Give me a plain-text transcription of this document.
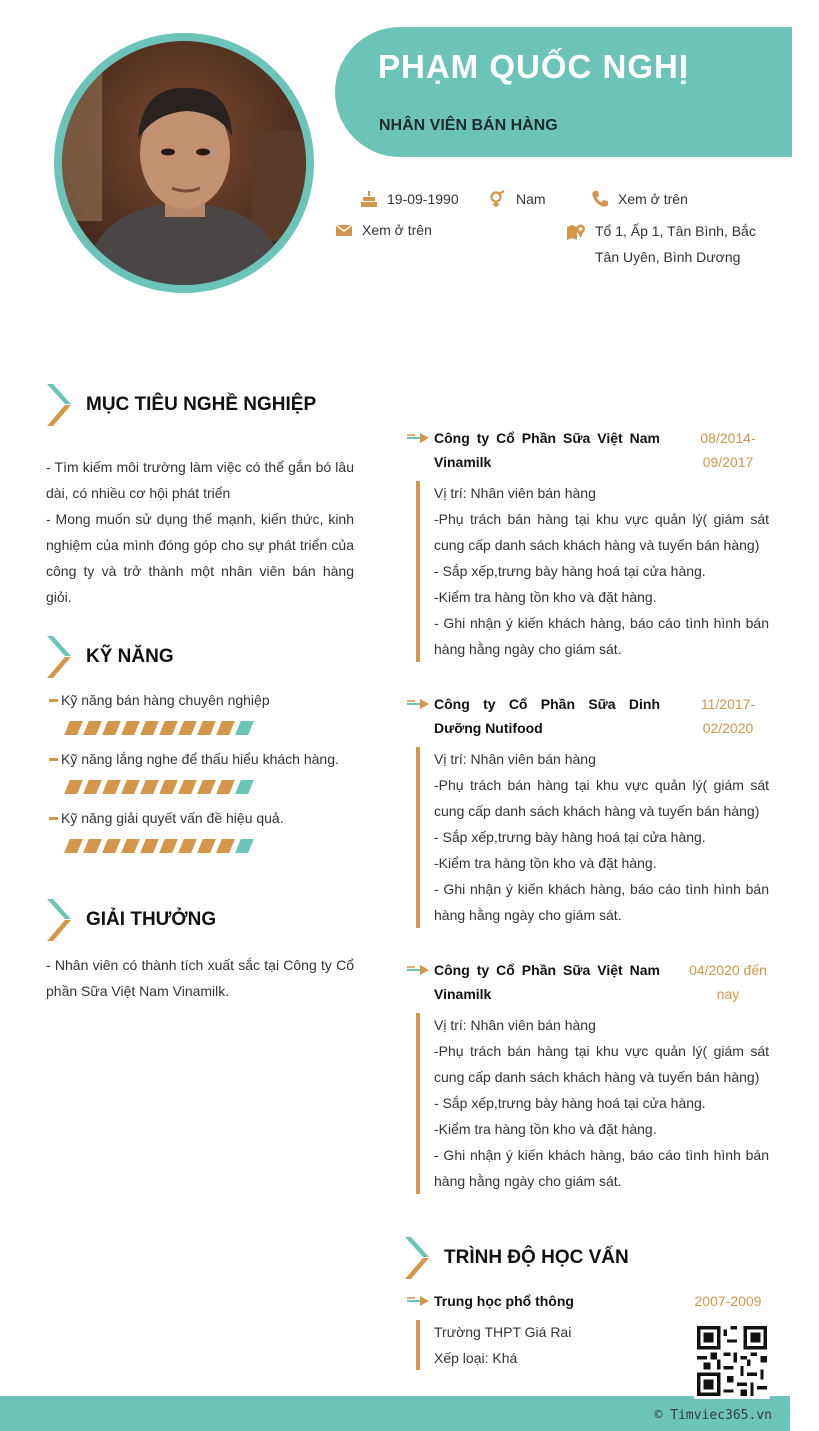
PHẠM QUỐC NGHỊ
NHÂN VIÊN BÁN HÀNG
19-09-1990	Nam	Xem ở trên
Xem ở trên	Tổ 1, Ấp 1, Tân Bình, Bắc Tân Uyên, Bình Dương
MỤC TIÊU NGHỀ NGHIỆP
- Tìm kiếm môi trường làm việc có thể gắn bó lâu dài, có nhiều cơ hội phát triển
- Mong muốn sử dụng thế mạnh, kiến thức, kinh nghiệm của mình đóng góp cho sự phát triển của công ty và trở thành một nhân viên bán hàng giỏi.
KỸ NĂNG
Kỹ năng bán hàng chuyên nghiệp
Kỹ năng lắng nghe để thấu hiểu khách hàng.
Kỹ năng giải quyết vấn đề hiệu quả.
GIẢI THƯỞNG
- Nhân viên có thành tích xuất sắc tại Công ty Cổ phần Sữa Việt Nam Vinamilk.
Công ty Cổ Phần Sữa Việt Nam Vinamilk
08/2014- 09/2017
Vị trí: Nhân viên bán hàng
-Phụ trách bán hàng tại khu vực quản lý( giám sát cung cấp danh sách khách hàng và tuyến bán hàng)
- Sắp xếp,trưng bày hàng hoá tại cửa hàng.
-Kiểm tra hàng tồn kho và đặt hàng.
- Ghi nhận ý kiến khách hàng, báo cáo tình hình bán hàng hằng ngày cho giám sát.
Công ty Cổ Phần Sữa Dinh Dưỡng Nutifood
11/2017- 02/2020
Vị trí: Nhân viên bán hàng
-Phụ trách bán hàng tại khu vực quản lý( giám sát cung cấp danh sách khách hàng và tuyến bán hàng)
- Sắp xếp,trưng bày hàng hoá tại cửa hàng.
-Kiểm tra hàng tồn kho và đặt hàng.
- Ghi nhận ý kiến khách hàng, báo cáo tình hình bán hàng hằng ngày cho giám sát.
Công ty Cổ Phần Sữa Việt Nam Vinamilk
04/2020 đến nay
Vị trí: Nhân viên bán hàng
-Phụ trách bán hàng tại khu vực quản lý( giám sát cung cấp danh sách khách hàng và tuyến bán hàng)
- Sắp xếp,trưng bày hàng hoá tại cửa hàng.
-Kiểm tra hàng tồn kho và đặt hàng.
- Ghi nhận ý kiến khách hàng, báo cáo tình hình bán hàng hằng ngày cho giám sát.
TRÌNH ĐỘ HỌC VẤN
Trung học phổ thông	2007-2009
Trường THPT Giá Rai
Xếp loại: Khá
© Timviec365.vn
